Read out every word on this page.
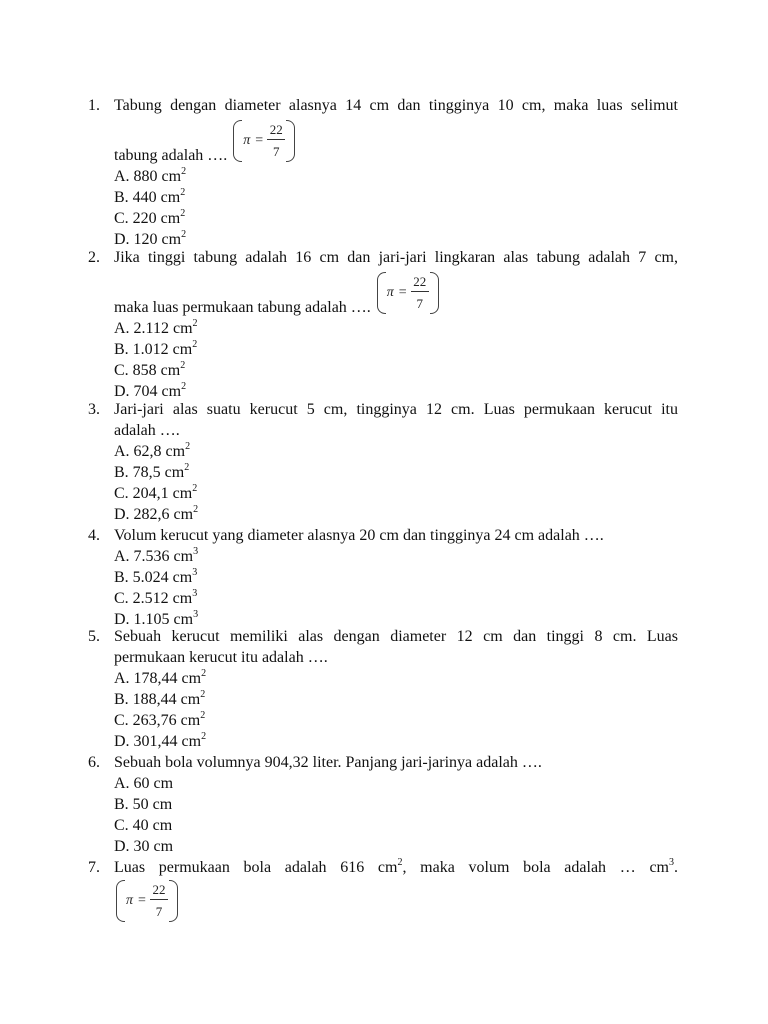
1. Tabung dengan diameter alasnya 14 cm dan tingginya 10 cm, maka luas selimut
tabung adalah ….
π =
22
7
A. 880 $cm^2$
B. 440 $cm^2$
C. 220 $cm^2$
D. 120 $cm^2$
2. Jika tinggi tabung adalah 16 cm dan jari-jari lingkaran alas tabung adalah 7 cm,
maka luas permukaan tabung adalah ….
π =
22
7
A. 2.112 $cm^2$
B. 1.012 $cm^2$
C. 858 $cm^2$
D. 704 $cm^2$
3. Jari-jari alas suatu kerucut 5 cm, tingginya 12 cm. Luas permukaan kerucut itu
adalah ….
A. 62,8 $cm^2$
B. 78,5 $cm^2$
C. 204,1 $cm^2$
D. 282,6 $cm^2$
4. Volum kerucut yang diameter alasnya 20 cm dan tingginya 24 cm adalah ….
A. 7.536 $cm^3$
B. 5.024 $cm^3$
C. 2.512 $cm^3$
D. 1.105 $cm^3$
5. Sebuah kerucut memiliki alas dengan diameter 12 cm dan tinggi 8 cm. Luas
permukaan kerucut itu adalah ….
A. 178,44 $cm^2$
B. 188,44 $cm^2$
C. 263,76 $cm^2$
D. 301,44 $cm^2$
6. Sebuah bola volumnya 904,32 liter. Panjang jari-jarinya adalah ….
A. 60 cm
B. 50 cm
C. 40 cm
D. 30 cm
7. Luas permukaan bola adalah 616 $cm^2$, maka volum bola adalah … $cm^3$.
π =
22
7
